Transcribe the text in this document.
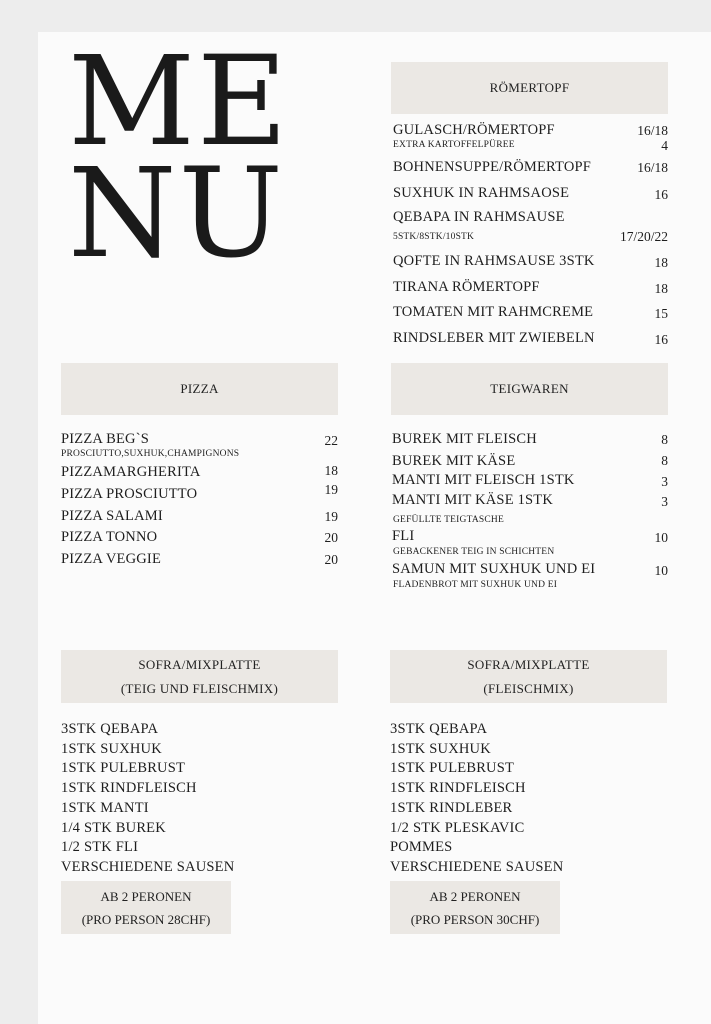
ME
NU
RÖMERTOPF
GULASCH/RÖMERTOPF	16/18
EXTRA KARTOFFELPÜREE	4
BOHNENSUPPE/RÖMERTOPF	16/18
SUXHUK IN RAHMSAOSE	16
QEBAPA IN RAHMSAUSE
5STK/8STK/10STK	17/20/22
QOFTE IN RAHMSAUSE 3STK	18
TIRANA RÖMERTOPF	18
TOMATEN MIT RAHMCREME	15
RINDSLEBER MIT ZWIEBELN	16
PIZZA
PIZZA BEG`S	22
PROSCIUTTO,SUXHUK,CHAMPIGNONS
PIZZAMARGHERITA	18
PIZZA PROSCIUTTO	19
PIZZA SALAMI	19
PIZZA TONNO	20
PIZZA VEGGIE	20
TEIGWAREN
BUREK MIT FLEISCH	8
BUREK MIT KÄSE	8
MANTI MIT FLEISCH 1STK	3
MANTI MIT KÄSE 1STK	3
GEFÜLLTE TEIGTASCHE
FLI	10
GEBACKENER TEIG IN SCHICHTEN
SAMUN MIT SUXHUK UND EI	10
FLADENBROT MIT SUXHUK UND EI
SOFRA/MIXPLATTE
(TEIG UND FLEISCHMIX)
3STK QEBAPA
1STK SUXHUK
1STK PULEBRUST
1STK RINDFLEISCH
1STK MANTI
1/4 STK BUREK
1/2 STK FLI
VERSCHIEDENE SAUSEN
AB 2 PERONEN
(PRO PERSON 28CHF)
SOFRA/MIXPLATTE
(FLEISCHMIX)
3STK QEBAPA
1STK SUXHUK
1STK PULEBRUST
1STK RINDFLEISCH
1STK RINDLEBER
1/2 STK PLESKAVIC
POMMES
VERSCHIEDENE SAUSEN
AB 2 PERONEN
(PRO PERSON 30CHF)
